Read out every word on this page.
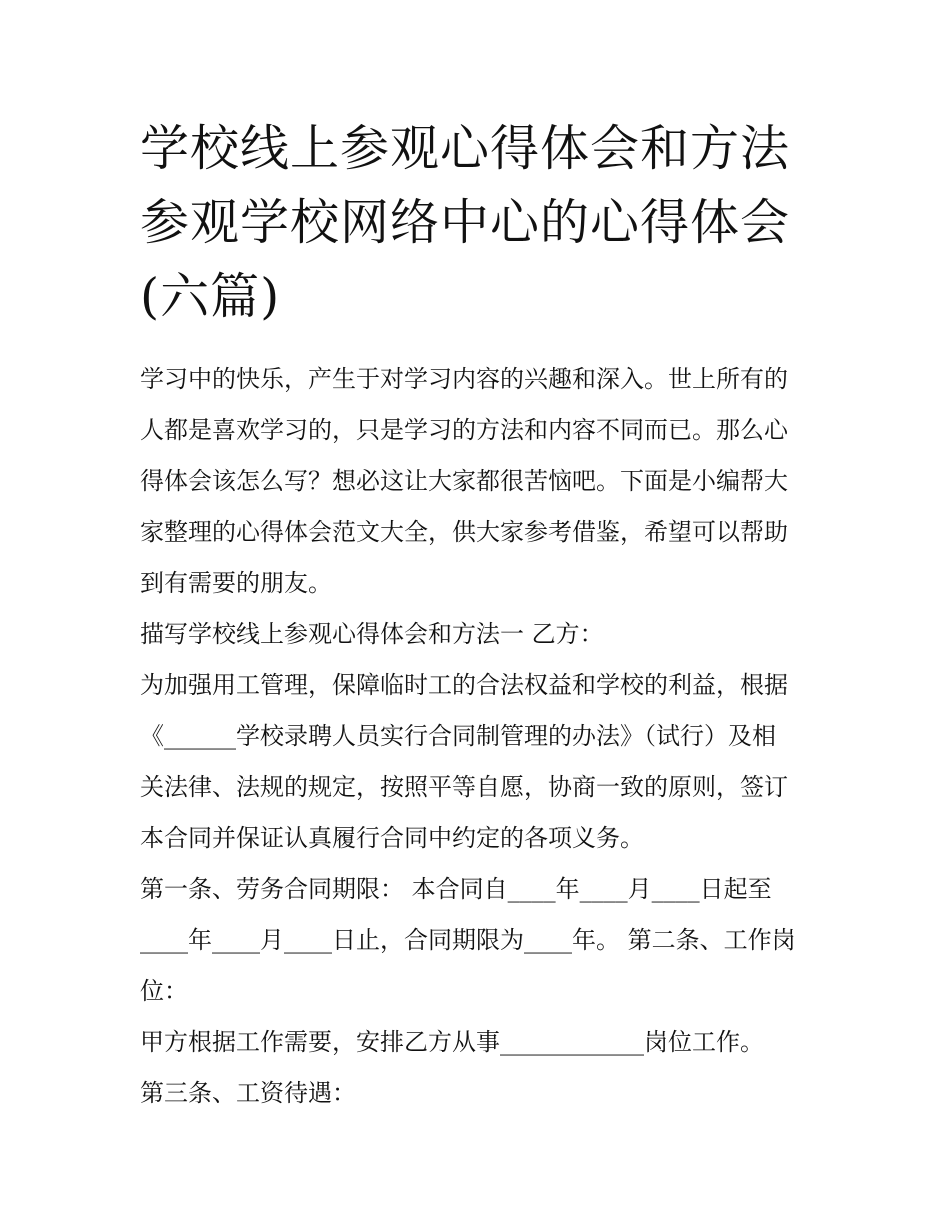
学校线上参观心得体会和方法
参观学校网络中心的心得体会
(六篇)

学习中的快乐，产生于对学习内容的兴趣和深入。世上所有的

人都是喜欢学习的，只是学习的方法和内容不同而已。那么心

得体会该怎么写？想必这让大家都很苦恼吧。下面是小编帮大

家整理的心得体会范文大全，供大家参考借鉴，希望可以帮助

到有需要的朋友。

描写学校线上参观心得体会和方法一 乙方：

为加强用工管理，保障临时工的合法权益和学校的利益，根据

《______学校录聘人员实行合同制管理的办法》（试行）及相

关法律、法规的规定，按照平等自愿，协商一致的原则，签订

本合同并保证认真履行合同中约定的各项义务。

第一条、劳务合同期限： 本合同自____年____月____日起至

____年____月____日止，合同期限为____年。 第二条、工作岗

位：

甲方根据工作需要，安排乙方从事____________岗位工作。

第三条、工资待遇：
